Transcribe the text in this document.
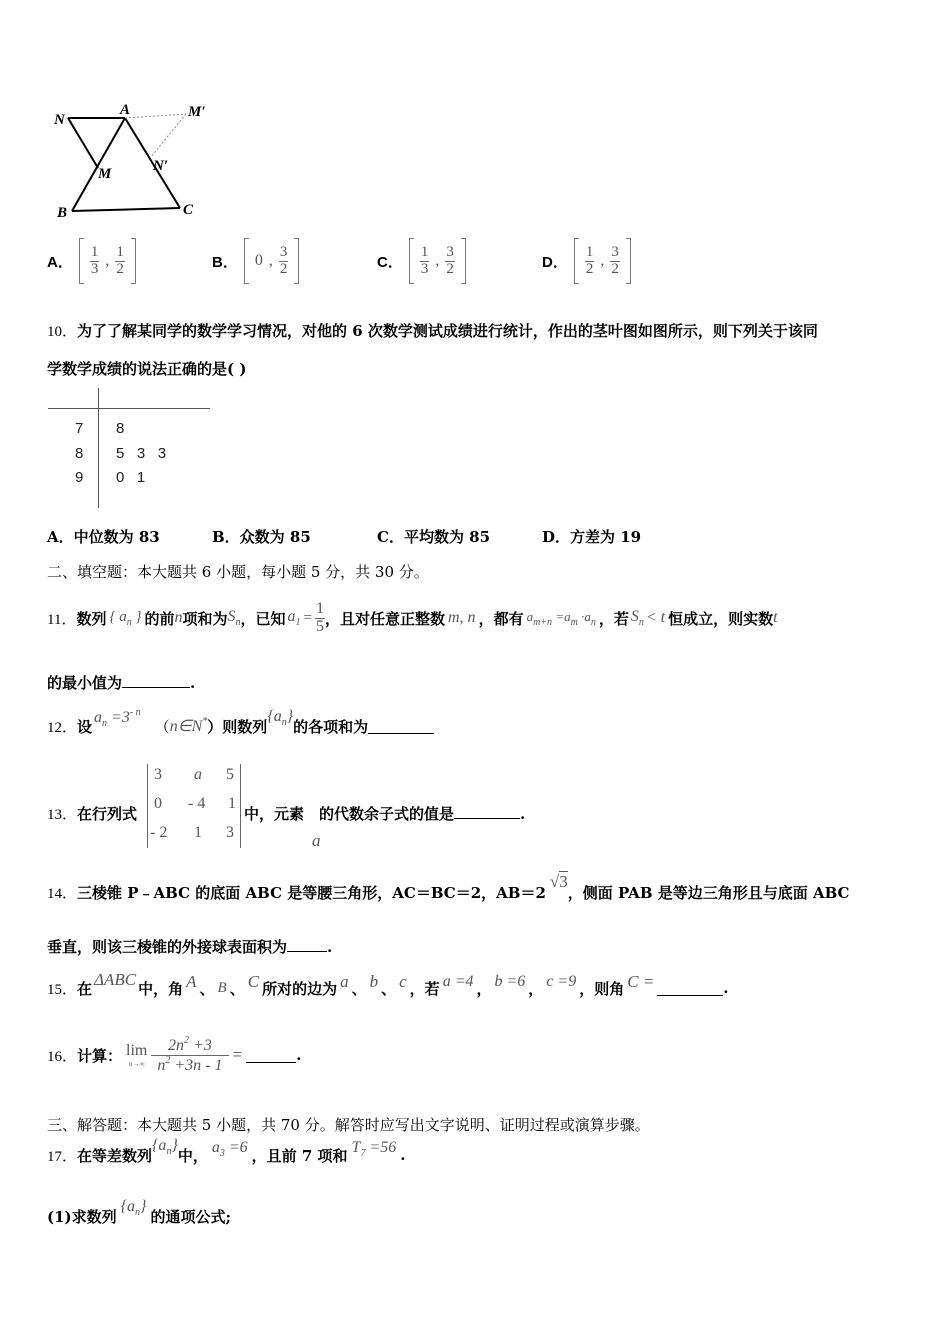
N
A	M′
M	N′
B	C
A． $\frac{1}{3}$ , $\frac{1}{2}$	B． 0 , $\frac{3}{2}$	C． $\frac{1}{3}$ , $\frac{3}{2}$	D． $\frac{1}{2}$ , $\frac{3}{2}$
10．为了了解某同学的数学学习情况，对他的 6 次数学测试成绩进行统计，作出的茎叶图如图所示，则下列关于该同
学数学成绩的说法正确的是( )
7 8
8 5   3   3
9 0   1
A．中位数为 83	B．众数为 85	C．平均数为 85	D．方差为 19
二、填空题：本大题共 6 小题，每小题 5 分，共 30 分。
11． 数列 { $a_n$ } 的前 n 项和为 $S_n$ ，已知 $a_1 = \frac{1}{5}$ ，且对任意正整数 m, n ，都有 $a_{m+n} =a_m \cdot a_n$ ，若 $S_n < t$ 恒成立，则实数 t
的最小值为	.
12． 设 $a_n =3^{- n}$
（ n∈N* ）则数列
$\{a_n\}$
的各项和为
13． 在行列式
3 a 5
0 - 4 1
- 2 1 3
中，元素 的代数余子式的值是	.
a
14． 三棱锥 P﹣ABC 的底面 ABC 是等腰三角形，AC＝BC＝2，AB＝2
√3
，侧面 PAB 是等边三角形且与底面 ABC
垂直，则该三棱锥的外接球表面积为	.
15． 在 ΔABC 中，角 A 、 B 、 C 所对的边为 a 、 b 、 c ，若 a =4 ， b =6 ， c =9 ，则角 C =	.
16． 计算： lim
$n\to\infty \frac{2n^2 +3}{n^2 +3n - 1}$ =	.
三、解答题：本大题共 5 小题，共 70 分。解答时应写出文字说明、证明过程或演算步骤。
17． 在等差数列
$\{a_n\}$
中， $a_3 =6$ ，且前 7 项和 $T_7 =56$ .
(1)求数列
$\{a_n\}$
的通项公式;
